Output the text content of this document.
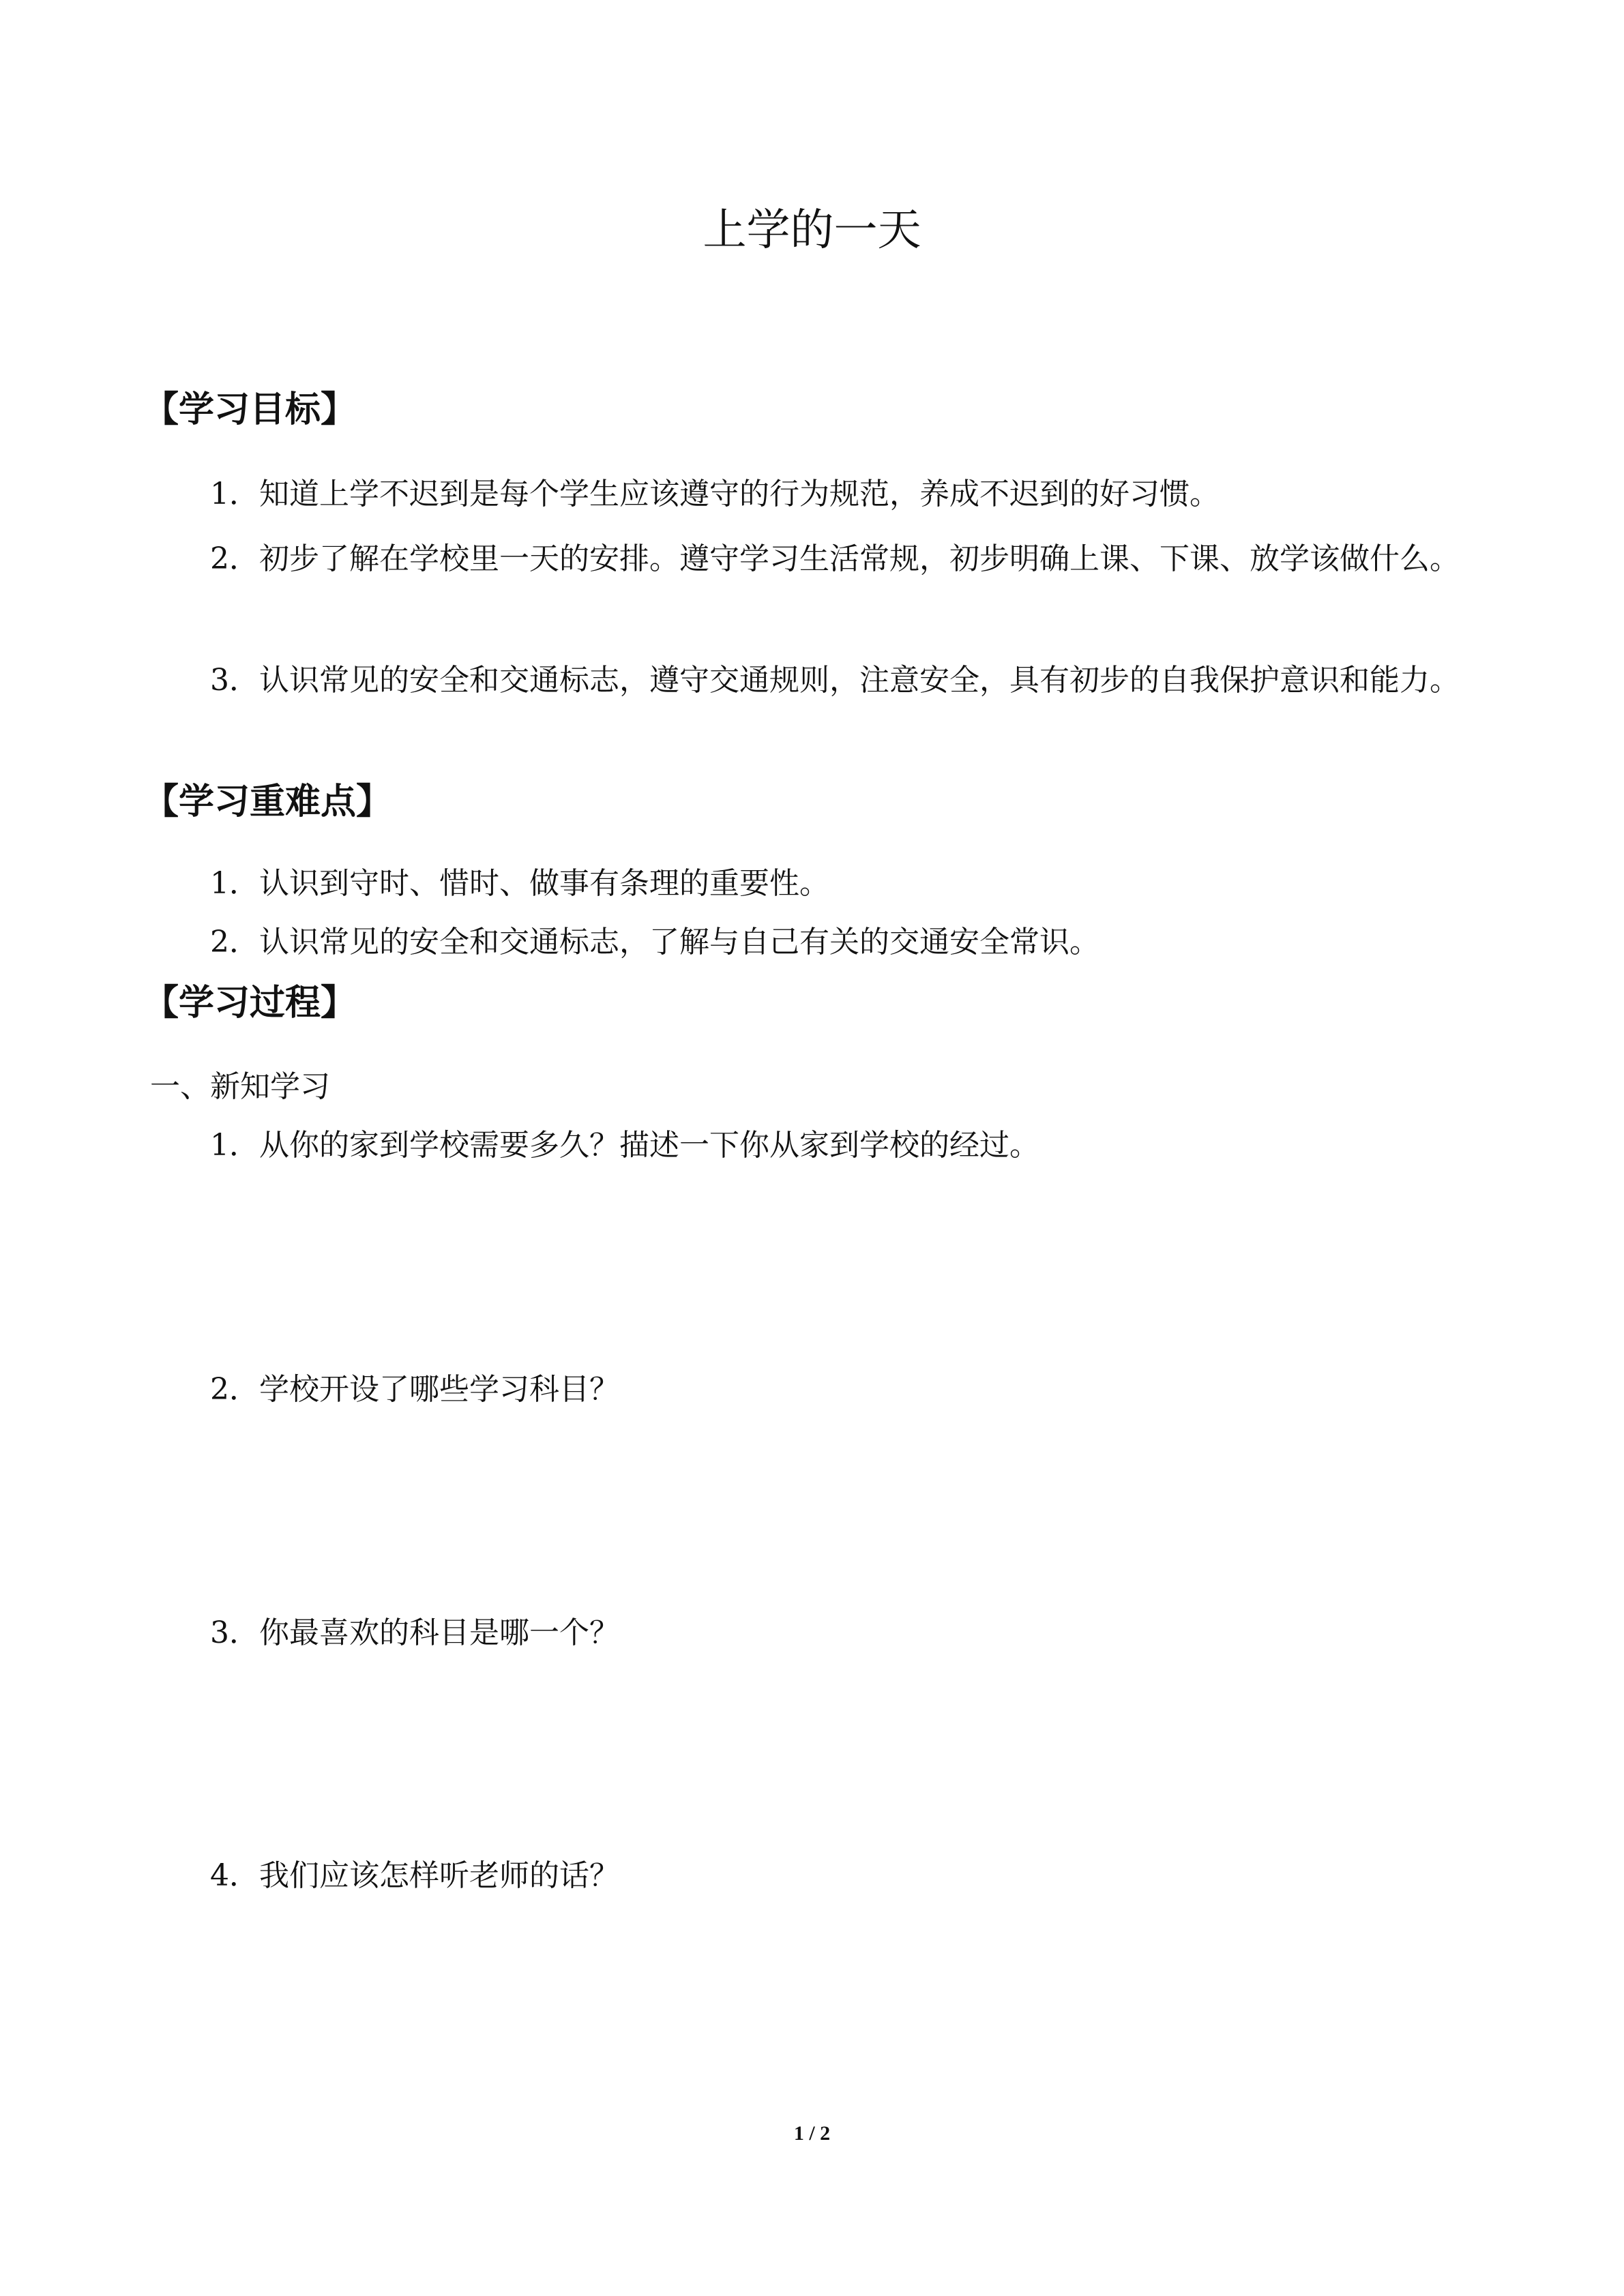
上学的一天
【学习目标】
1．知道上学不迟到是每个学生应该遵守的行为规范，养成不迟到的好习惯。
2．初步了解在学校里一天的安排。遵守学习生活常规，初步明确上课、下课、放学该做什么。
3．认识常见的安全和交通标志，遵守交通规则，注意安全，具有初步的自我保护意识和能力。
【学习重难点】
1．认识到守时、惜时、做事有条理的重要性。
2．认识常见的安全和交通标志，了解与自己有关的交通安全常识。
【学习过程】
一、新知学习
1．从你的家到学校需要多久？描述一下你从家到学校的经过。
2．学校开设了哪些学习科目？
3．你最喜欢的科目是哪一个？
4．我们应该怎样听老师的话？
1 / 2
